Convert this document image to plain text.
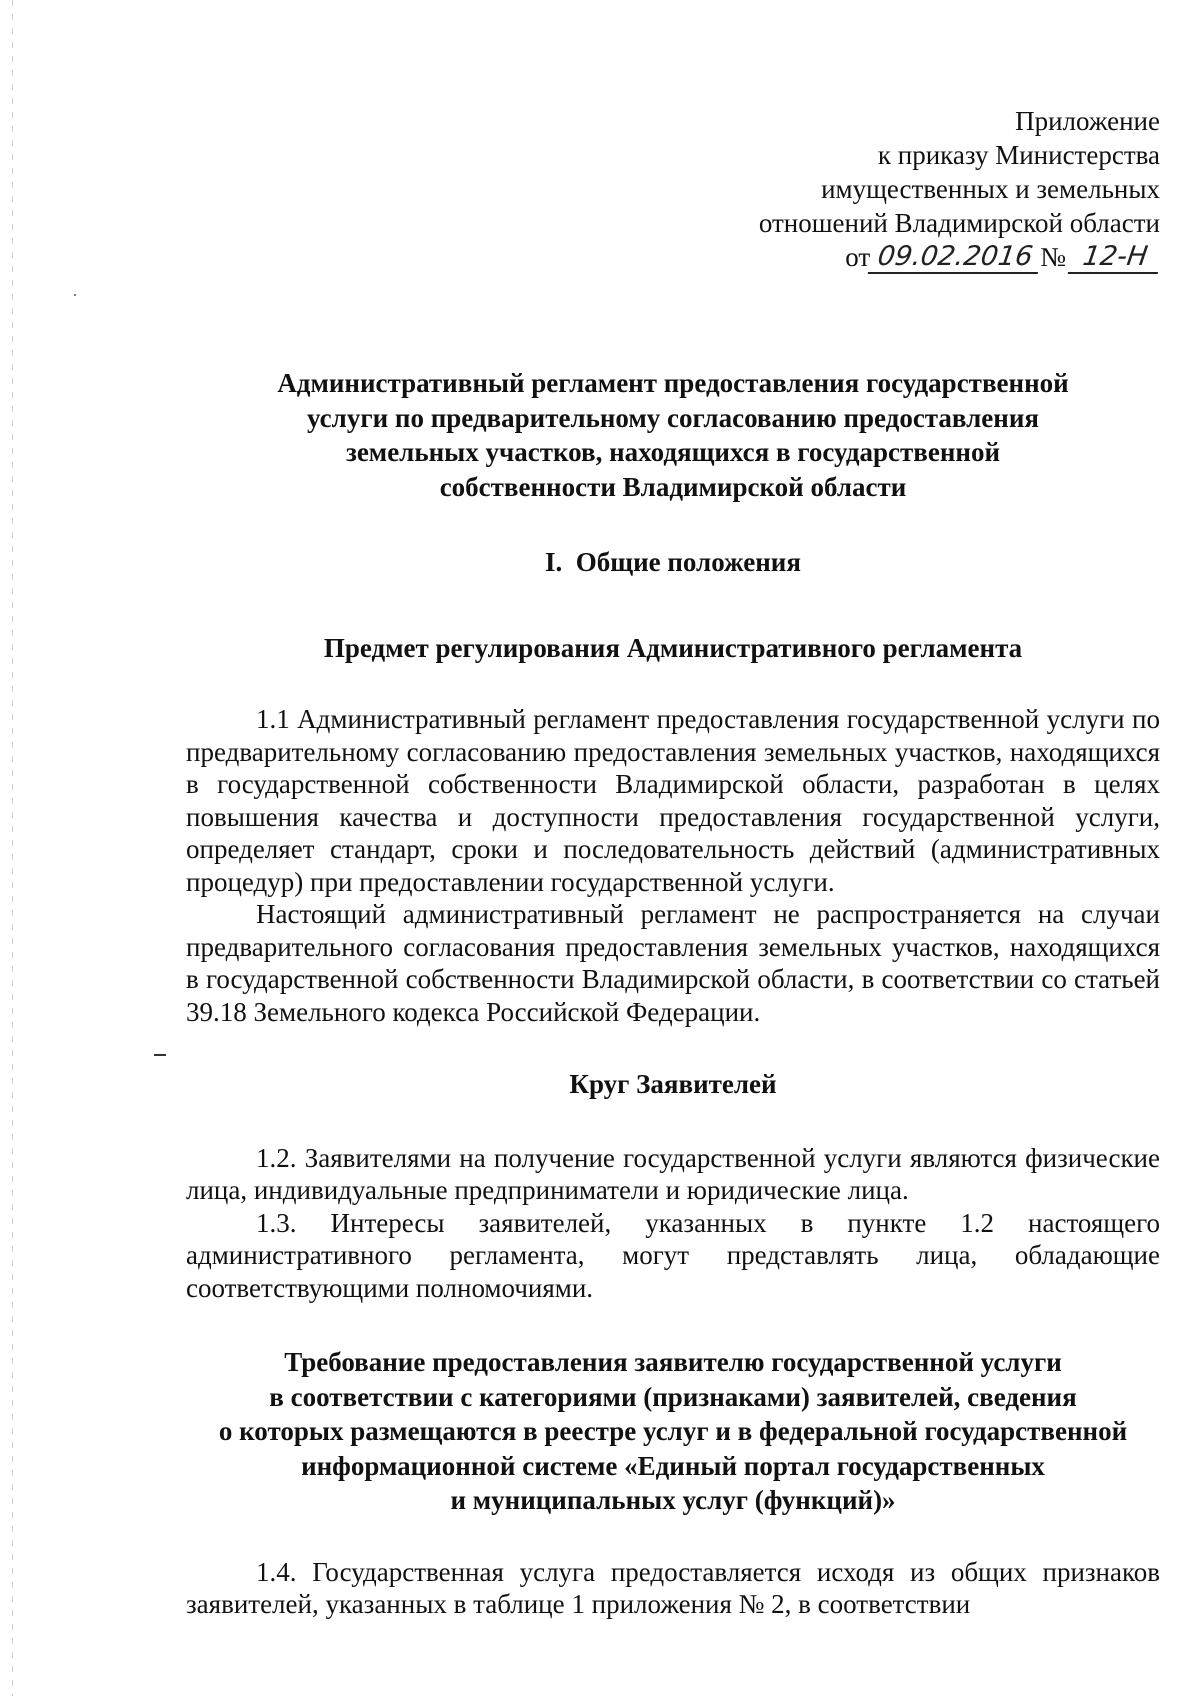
Приложение
к приказу Министерства
имущественных и земельных
отношений Владимирской области
от 09.02.2016 № 12-Н
Административный регламент предоставления государственной
услуги по предварительному согласованию предоставления
земельных участков, находящихся в государственной
собственности Владимирской области
I.  Общие положения
Предмет регулирования Административного регламента

1.1 Административный регламент предоставления государственной услуги по предварительному согласованию предоставления земельных участков, находящихся в государственной собственности Владимирской области, разработан в целях повышения качества и доступности предоставления государственной услуги, определяет стандарт, сроки и последовательность действий (административных процедур) при предоставлении государственной услуги.

Настоящий административный регламент не распространяется на случаи предварительного согласования предоставления земельных участков, находящихся в государственной собственности Владимирской области, в соответствии со статьей 39.18 Земельного кодекса Российской Федерации.

Круг Заявителей

1.2. Заявителями на получение государственной услуги являются физические лица, индивидуальные предприниматели и юридические лица.

1.3. Интересы заявителей, указанных в пункте 1.2 настоящего административного регламента, могут представлять лица, обладающие соответствующими полномочиями.

Требование предоставления заявителю государственной услуги
в соответствии с категориями (признаками) заявителей, сведения
о которых размещаются в реестре услуг и в федеральной государственной
информационной системе «Единый портал государственных
и муниципальных услуг (функций)»

1.4. Государственная услуга предоставляется исходя из общих признаков заявителей, указанных в таблице 1 приложения № 2, в соответствии
